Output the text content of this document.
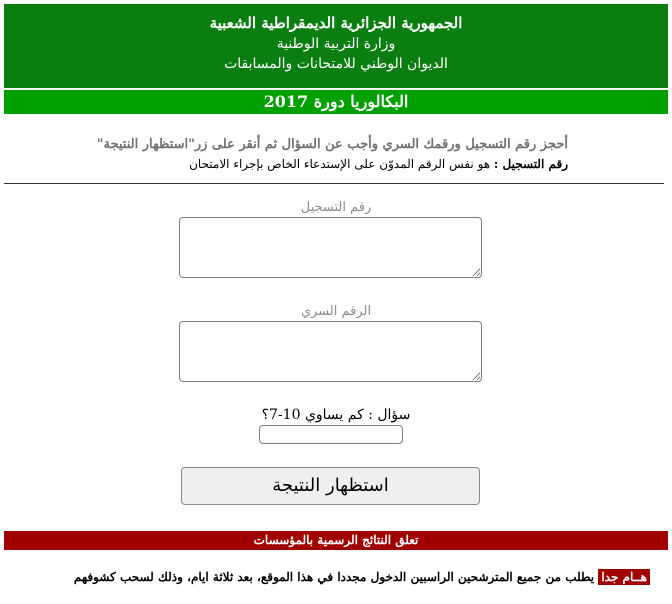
الجمهورية الجزائرية الديمقراطية الشعبية
وزارة التربية الوطنية
الديوان الوطني للامتحانات والمسابقات
البكالوريا دورة 2017
أحجز رقم التسجيل ورقمك السري وأجب عن السؤال ثم أنقر على زر"استظهار النتيجة"
رقم التسجيل : هو نفس الرقم المدوّن على الإستدعاء الخاص بإجراء الامتحان
رقم التسجيل
الرقم السري
سؤال : كم يساوي 10-7؟
استظهار النتيجة
تعلق النتائج الرسمية بالمؤسسات
هــام جدا يطلب من جميع المترشحين الراسبين الدخول مجددا في هذا الموقع، بعد ثلاثة ايام، وذلك لسحب كشوفهم
